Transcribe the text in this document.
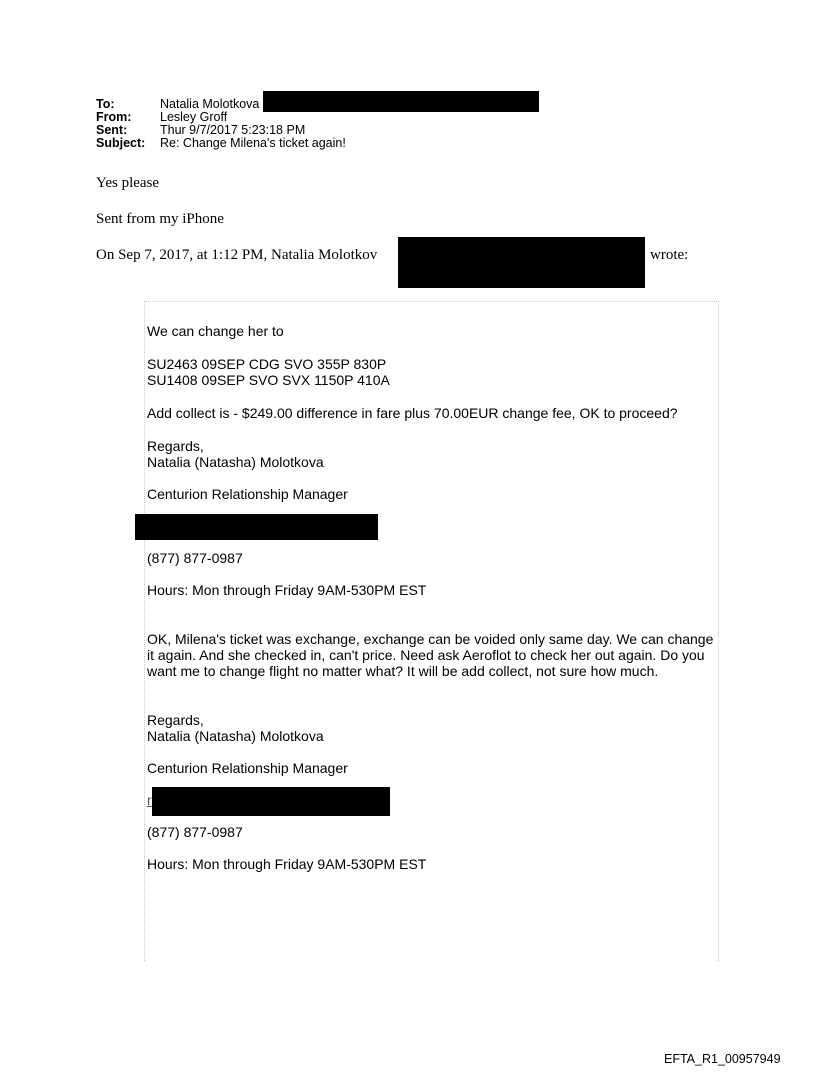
To:	Natalia Molotkova
From: Lesley Groff
Sent:	Thur 9/7/2017 5:23:18 PM
Subject: Re: Change Milena's ticket again!
Yes please
Sent from my iPhone
On Sep 7, 2017, at 1:12 PM, Natalia Molotkov	wrote:
We can change her to
SU2463 09SEP CDG SVO 355P 830P
SU1408 09SEP SVO SVX 1150P 410A
Add collect is - $249.00 difference in fare plus 70.00EUR change fee, OK to proceed?
Regards,
Natalia (Natasha) Molotkova
Centurion Relationship Manager
(877) 877-0987
Hours: Mon through Friday 9AM-530PM EST
OK, Milena's ticket was exchange, exchange can be voided only same day. We can change
it again. And she checked in, can't price. Need ask Aeroflot to check her out again. Do you
want me to change flight no matter what? It will be add collect, not sure how much.
Regards,
Natalia (Natasha) Molotkova
Centurion Relationship Manager
r
(877) 877-0987
Hours: Mon through Friday 9AM-530PM EST
EFTA_R1_00957949
